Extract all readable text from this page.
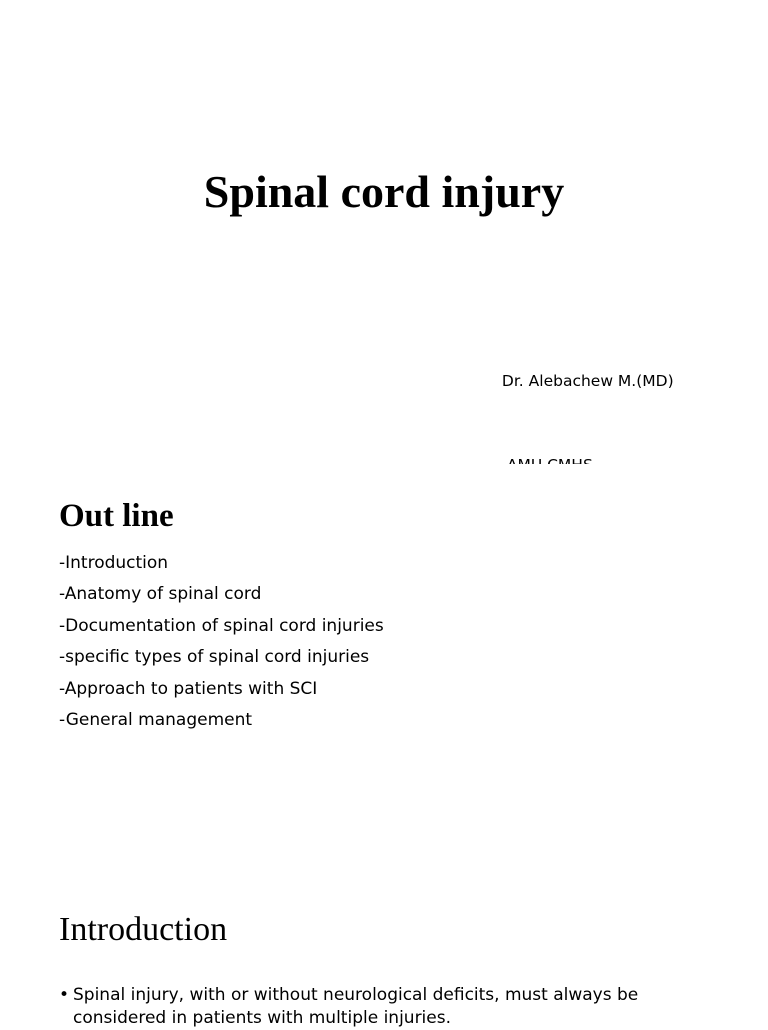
Spinal cord injury

Dr. Alebachew M.(MD)

Out line
-Introduction
-Anatomy of spinal cord
-Documentation of spinal cord injuries
-specific types of spinal cord injuries
-Approach to patients with SCI
-General management
Introduction
• Spinal injury, with or without neurological deficits, must always be considered in patients with multiple injuries.
